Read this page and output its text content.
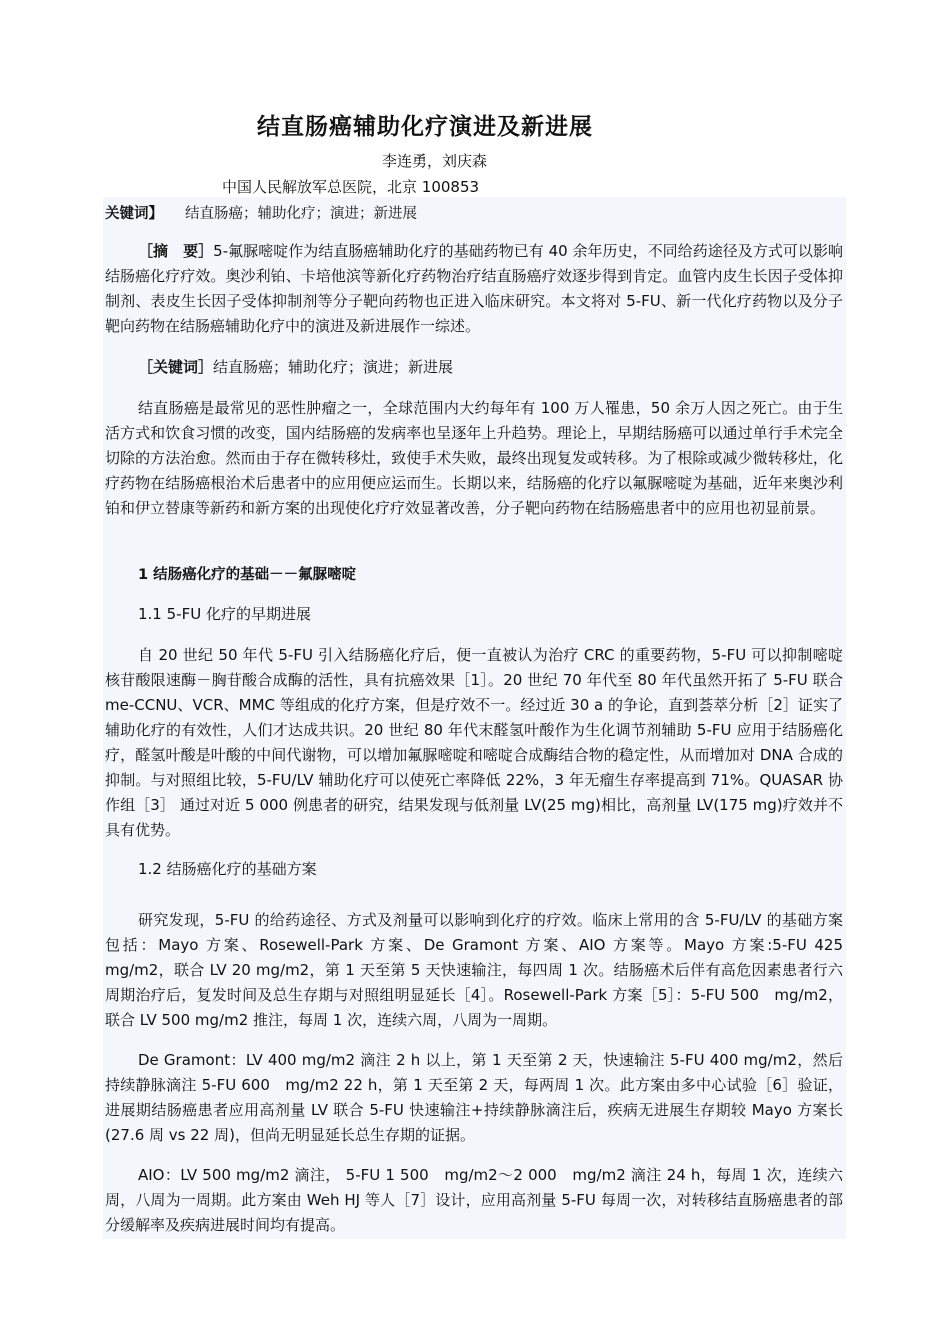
结直肠癌辅助化疗演进及新进展
李连勇，刘庆森
中国人民解放军总医院，北京 100853
关键词】 结直肠癌；辅助化疗；演进；新进展

［摘　要］5-氟脲嘧啶作为结直肠癌辅助化疗的基础药物已有 40 余年历史，不同给药途径及方式可以影响结肠癌化疗疗效。奥沙利铂、卡培他滨等新化疗药物治疗结直肠癌疗效逐步得到肯定。血管内皮生长因子受体抑制剂、表皮生长因子受体抑制剂等分子靶向药物也正进入临床研究。本文将对 5-FU、新一代化疗药物以及分子靶向药物在结肠癌辅助化疗中的演进及新进展作一综述。

［关键词］结直肠癌；辅助化疗；演进；新进展

结直肠癌是最常见的恶性肿瘤之一，全球范围内大约每年有 100 万人罹患，50 余万人因之死亡。由于生活方式和饮食习惯的改变，国内结肠癌的发病率也呈逐年上升趋势。理论上，早期结肠癌可以通过单行手术完全切除的方法治愈。然而由于存在微转移灶，致使手术失败，最终出现复发或转移。为了根除或减少微转移灶，化疗药物在结肠癌根治术后患者中的应用便应运而生。长期以来，结肠癌的化疗以氟脲嘧啶为基础，近年来奥沙利铂和伊立替康等新药和新方案的出现使化疗疗效显著改善，分子靶向药物在结肠癌患者中的应用也初显前景。

1 结肠癌化疗的基础－－氟脲嘧啶
1.1 5-FU 化疗的早期进展

自 20 世纪 50 年代 5-FU 引入结肠癌化疗后，便一直被认为治疗 CRC 的重要药物，5-FU 可以抑制嘧啶核苷酸限速酶－胸苷酸合成酶的活性，具有抗癌效果［1］。20 世纪 70 年代至 80 年代虽然开拓了 5-FU 联合 me-CCNU、VCR、MMC 等组成的化疗方案，但是疗效不一。经过近 30 a 的争论，直到荟萃分析［2］证实了辅助化疗的有效性，人们才达成共识。20 世纪 80 年代末醛氢叶酸作为生化调节剂辅助 5-FU 应用于结肠癌化疗，醛氢叶酸是叶酸的中间代谢物，可以增加氟脲嘧啶和嘧啶合成酶结合物的稳定性，从而增加对 DNA 合成的抑制。与对照组比较，5-FU/LV 辅助化疗可以使死亡率降低 22%，3 年无瘤生存率提高到 71%。QUASAR 协作组［3］ 通过对近 5 000 例患者的研究，结果发现与低剂量 LV(25 mg)相比，高剂量 LV(175 mg)疗效并不具有优势。

1.2 结肠癌化疗的基础方案

研究发现，5-FU 的给药途径、方式及剂量可以影响到化疗的疗效。临床上常用的含 5-FU/LV 的基础方案包括：Mayo 方案、Rosewell-Park 方案、De Gramont 方案、AIO 方案等。Mayo 方案:5-FU 425　mg/m2，联合 LV 20 mg/m2，第 1 天至第 5 天快速输注，每四周 1 次。结肠癌术后伴有高危因素患者行六周期治疗后，复发时间及总生存期与对照组明显延长［4］。Rosewell-Park 方案［5］：5-FU 500　mg/m2，联合 LV 500 mg/m2 推注，每周 1 次，连续六周，八周为一周期。

De Gramont：LV 400 mg/m2 滴注 2 h 以上，第 1 天至第 2 天，快速输注 5-FU 400 mg/m2，然后持续静脉滴注 5-FU 600　mg/m2 22 h，第 1 天至第 2 天，每两周 1 次。此方案由多中心试验［6］验证，进展期结肠癌患者应用高剂量 LV 联合 5-FU 快速输注+持续静脉滴注后，疾病无进展生存期较 Mayo 方案长(27.6 周 vs 22 周)，但尚无明显延长总生存期的证据。

AIO：LV 500 mg/m2 滴注， 5-FU 1 500　mg/m2～2 000　mg/m2 滴注 24 h，每周 1 次，连续六周，八周为一周期。此方案由 Weh HJ 等人［7］设计，应用高剂量 5-FU 每周一次，对转移结直肠癌患者的部分缓解率及疾病进展时间均有提高。
